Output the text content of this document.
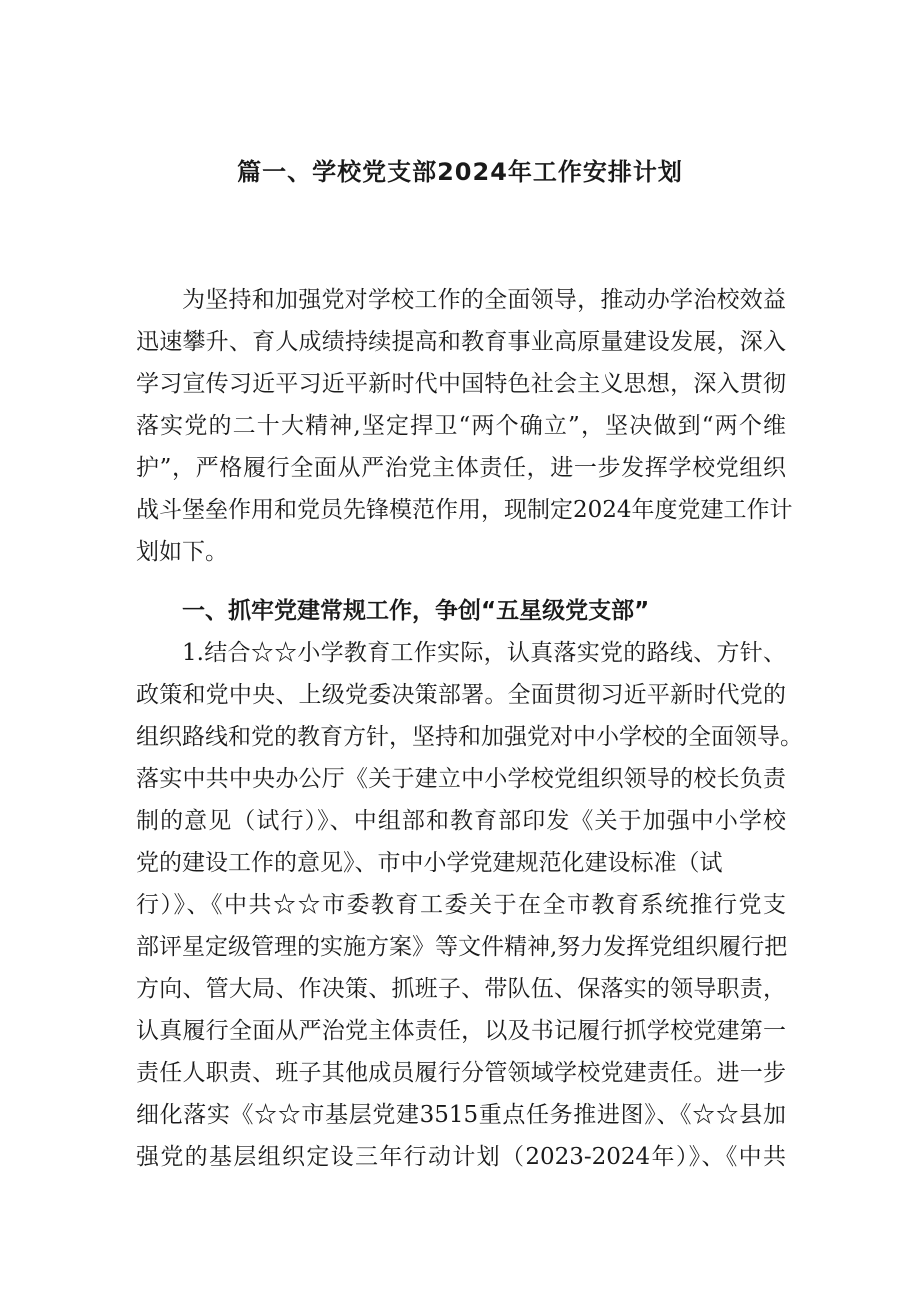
篇一、学校党支部2024年工作安排计划
为坚持和加强党对学校工作的全面领导，推动办学治校效益
迅速攀升、育人成绩持续提高和教育事业高原量建设发展，深入
学习宣传习近平习近平新时代中国特色社会主义思想，深入贯彻
落实党的二十大精神,坚定捍卫“两个确立”，坚决做到“两个维
护”，严格履行全面从严治党主体责任，进一步发挥学校党组织
战斗堡垒作用和党员先锋模范作用，现制定2024年度党建工作计
划如下。
一、抓牢党建常规工作，争创“五星级党支部”
1.结合☆☆小学教育工作实际，认真落实党的路线、方针、
政策和党中央、上级党委决策部署。全面贯彻习近平新时代党的
组织路线和党的教育方针，坚持和加强党对中小学校的全面领导。
落实中共中央办公厅《关于建立中小学校党组织领导的校长负责
制的意见（试行）》、中组部和教育部印发《关于加强中小学校
党的建设工作的意见》、市中小学党建规范化建设标准（试
行）》、《中共☆☆市委教育工委关于在全市教育系统推行党支
部评星定级管理的实施方案》等文件精神,努力发挥党组织履行把
方向、管大局、作决策、抓班子、带队伍、保落实的领导职责，
认真履行全面从严治党主体责任，以及书记履行抓学校党建第一
责任人职责、班子其他成员履行分管领域学校党建责任。进一步
细化落实《☆☆市基层党建3515重点任务推进图》、《☆☆县加
强党的基层组织定设三年行动计划（2023-2024年）》、《中共
